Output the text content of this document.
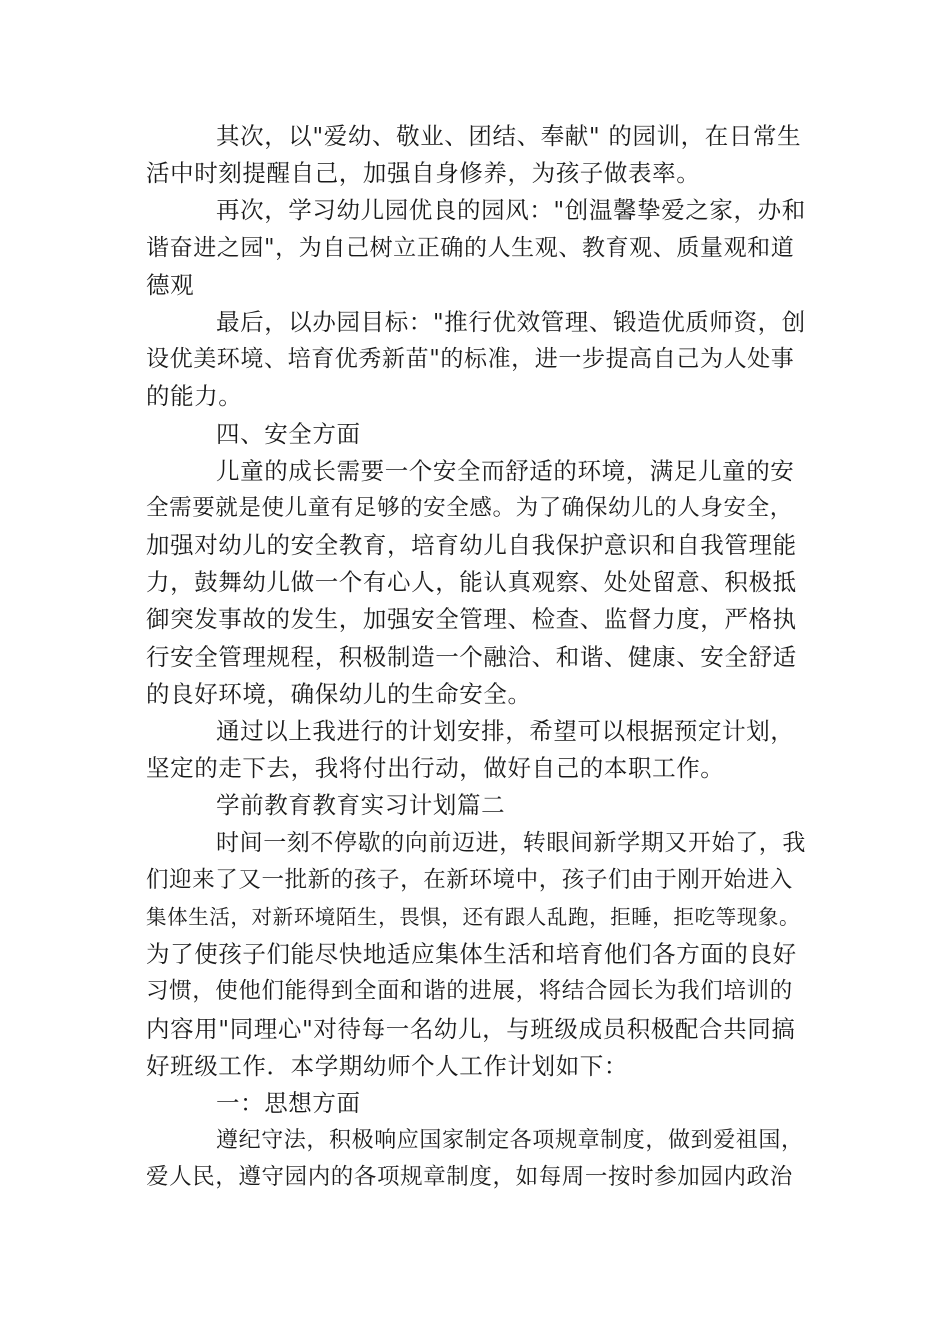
其次，以"爱幼、敬业、团结、奉献" 的园训，在日常生
活中时刻提醒自己，加强自身修养，为孩子做表率。
再次，学习幼儿园优良的园风："创温馨挚爱之家，办和
谐奋进之园"，为自己树立正确的人生观、教育观、质量观和道
德观
最后，以办园目标："推行优效管理、锻造优质师资，创
设优美环境、培育优秀新苗"的标准，进一步提高自己为人处事
的能力。
四、安全方面
儿童的成长需要一个安全而舒适的环境，满足儿童的安
全需要就是使儿童有足够的安全感。为了确保幼儿的人身安全，
加强对幼儿的安全教育，培育幼儿自我保护意识和自我管理能
力，鼓舞幼儿做一个有心人，能认真观察、处处留意、积极抵
御突发事故的发生，加强安全管理、检查、监督力度，严格执
行安全管理规程，积极制造一个融洽、和谐、健康、安全舒适
的良好环境，确保幼儿的生命安全。
通过以上我进行的计划安排，希望可以根据预定计划，
坚定的走下去，我将付出行动，做好自己的本职工作。
学前教育教育实习计划篇二
时间一刻不停歇的向前迈进，转眼间新学期又开始了，我
们迎来了又一批新的孩子，在新环境中，孩子们由于刚开始进入
集体生活，对新环境陌生，畏惧，还有跟人乱跑，拒睡，拒吃等现象。
为了使孩子们能尽快地适应集体生活和培育他们各方面的良好
习惯，使他们能得到全面和谐的进展，将结合园长为我们培训的
内容用"同理心"对待每一名幼儿，与班级成员积极配合共同搞
好班级工作．本学期幼师个人工作计划如下：
一：思想方面
遵纪守法，积极响应国家制定各项规章制度，做到爱祖国，
爱人民，遵守园内的各项规章制度，如每周一按时参加园内政治
